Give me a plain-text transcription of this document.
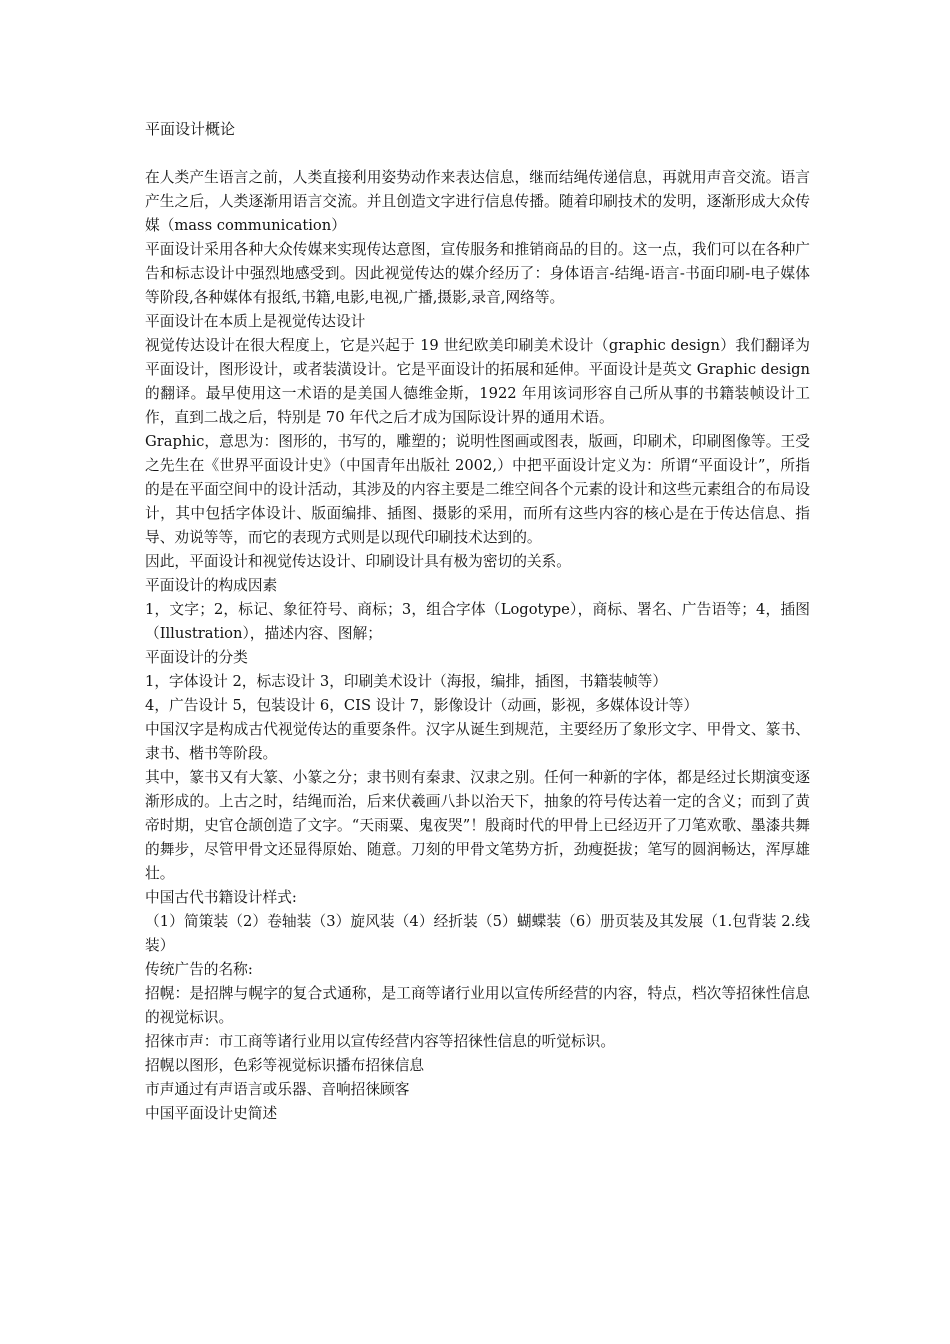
平面设计概论

在人类产生语言之前，人类直接利用姿势动作来表达信息，继而结绳传递信息，再就用声音交流。语言产生之后，人类逐渐用语言交流。并且创造文字进行信息传播。随着印刷技术的发明，逐渐形成大众传媒（mass communication）

平面设计采用各种大众传媒来实现传达意图，宣传服务和推销商品的目的。这一点，我们可以在各种广告和标志设计中强烈地感受到。因此视觉传达的媒介经历了：身体语言-结绳-语言-书面印刷-电子媒体等阶段,各种媒体有报纸,书籍,电影,电视,广播,摄影,录音,网络等。

平面设计在本质上是视觉传达设计

视觉传达设计在很大程度上，它是兴起于 19 世纪欧美印刷美术设计（graphic design）我们翻译为平面设计，图形设计，或者装潢设计。它是平面设计的拓展和延伸。平面设计是英文 Graphic design 的翻译。最早使用这一术语的是美国人德维金斯，1922 年用该词形容自己所从事的书籍装帧设计工作，直到二战之后，特别是 70 年代之后才成为国际设计界的通用术语。

Graphic，意思为：图形的，书写的，雕塑的；说明性图画或图表，版画，印刷术，印刷图像等。王受之先生在《世界平面设计史》（中国青年出版社 2002,）中把平面设计定义为：所谓“平面设计”，所指的是在平面空间中的设计活动，其涉及的内容主要是二维空间各个元素的设计和这些元素组合的布局设计，其中包括字体设计、版面编排、插图、摄影的采用，而所有这些内容的核心是在于传达信息、指导、劝说等等，而它的表现方式则是以现代印刷技术达到的。

因此，平面设计和视觉传达设计、印刷设计具有极为密切的关系。

平面设计的构成因素

1，文字；2，标记、象征符号、商标；3，组合字体（Logotype），商标、署名、广告语等；4，插图（Illustration），描述内容、图解；

平面设计的分类

1，字体设计 2，标志设计 3，印刷美术设计（海报，编排，插图，书籍装帧等）

4，广告设计 5，包装设计 6，CIS 设计 7，影像设计（动画，影视，多媒体设计等）

中国汉字是构成古代视觉传达的重要条件。汉字从诞生到规范，主要经历了象形文字、甲骨文、篆书、隶书、楷书等阶段。

其中，篆书又有大篆、小篆之分；隶书则有秦隶、汉隶之别。任何一种新的字体，都是经过长期演变逐渐形成的。上古之时，结绳而治，后来伏羲画八卦以治天下，抽象的符号传达着一定的含义；而到了黄帝时期，史官仓颉创造了文字。“天雨粟、鬼夜哭”！殷商时代的甲骨上已经迈开了刀笔欢歌、墨漆共舞的舞步，尽管甲骨文还显得原始、随意。刀刻的甲骨文笔势方折，劲瘦挺拔；笔写的圆润畅达，浑厚雄壮。

中国古代书籍设计样式:

（1）简策装（2）卷轴装（3）旋风装（4）经折装（5）蝴蝶装（6）册页装及其发展（1.包背装 2.线装）

传统广告的名称:

招幌：是招牌与幌字的复合式通称，是工商等诸行业用以宣传所经营的内容，特点，档次等招徕性信息的视觉标识。

招徕市声：市工商等诸行业用以宣传经营内容等招徕性信息的听觉标识。

招幌以图形，色彩等视觉标识播布招徕信息

市声通过有声语言或乐器、音响招徕顾客

中国平面设计史简述
